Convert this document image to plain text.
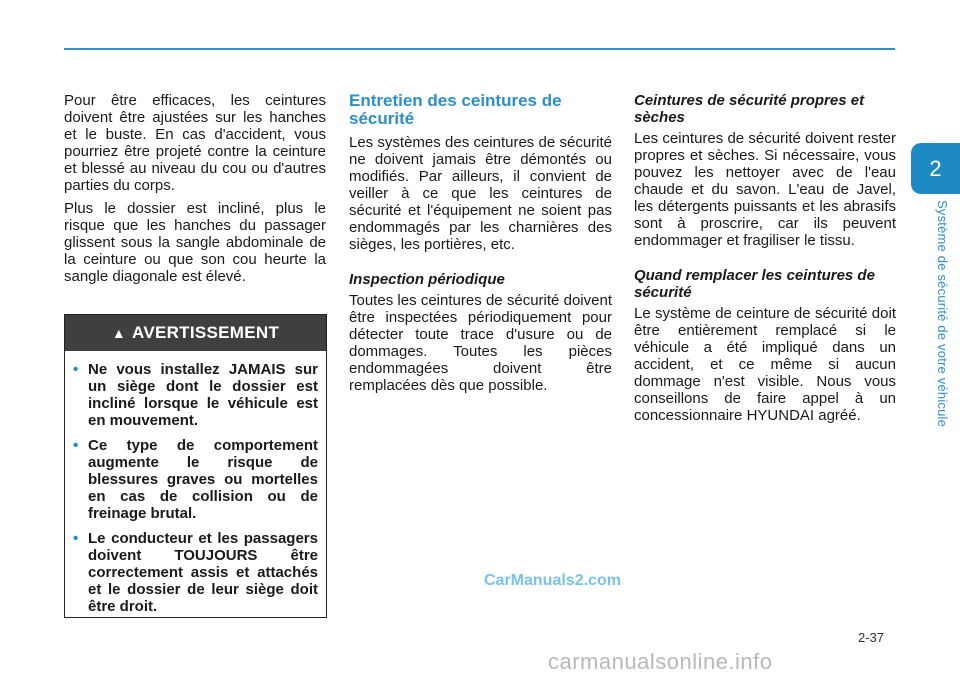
2
Système de sécurité de votre véhicule

Pour être efficaces, les ceintures doivent être ajustées sur les hanches et le buste. En cas d'accident, vous pourriez être projeté contre la ceinture et blessé au niveau du cou ou d'autres parties du corps.

Plus le dossier est incliné, plus le risque que les hanches du passager glissent sous la sangle abdominale de la ceinture ou que son cou heurte la sangle diagonale est élevé.

▲ AVERTISSEMENT
• Ne vous installez JAMAIS sur un siège dont le dossier est incliné lorsque le véhicule est en mouvement.
• Ce type de comportement augmente le risque de blessures graves ou mortelles en cas de collision ou de freinage brutal.
• Le conducteur et les passagers doivent TOUJOURS être correctement assis et attachés et le dossier de leur siège doit être droit.
Entretien des ceintures de sécurité

Les systèmes des ceintures de sécurité ne doivent jamais être démontés ou modifiés. Par ailleurs, il convient de veiller à ce que les ceintures de sécurité et l'équipement ne soient pas endommagés par les charnières des sièges, les portières, etc.

Inspection périodique

Toutes les ceintures de sécurité doivent être inspectées périodiquement pour détecter toute trace d'usure ou de dommages. Toutes les pièces endommagées doivent être remplacées dès que possible.

Ceintures de sécurité propres et sèches

Les ceintures de sécurité doivent rester propres et sèches. Si nécessaire, vous pouvez les nettoyer avec de l'eau chaude et du savon. L'eau de Javel, les détergents puissants et les abrasifs sont à proscrire, car ils peuvent endommager et fragiliser le tissu.

Quand remplacer les ceintures de sécurité

Le système de ceinture de sécurité doit être entièrement remplacé si le véhicule a été impliqué dans un accident, et ce même si aucun dommage n'est visible. Nous vous conseillons de faire appel à un concessionnaire HYUNDAI agréé.

2-37
CarManuals2.com
carmanualsonline.info
